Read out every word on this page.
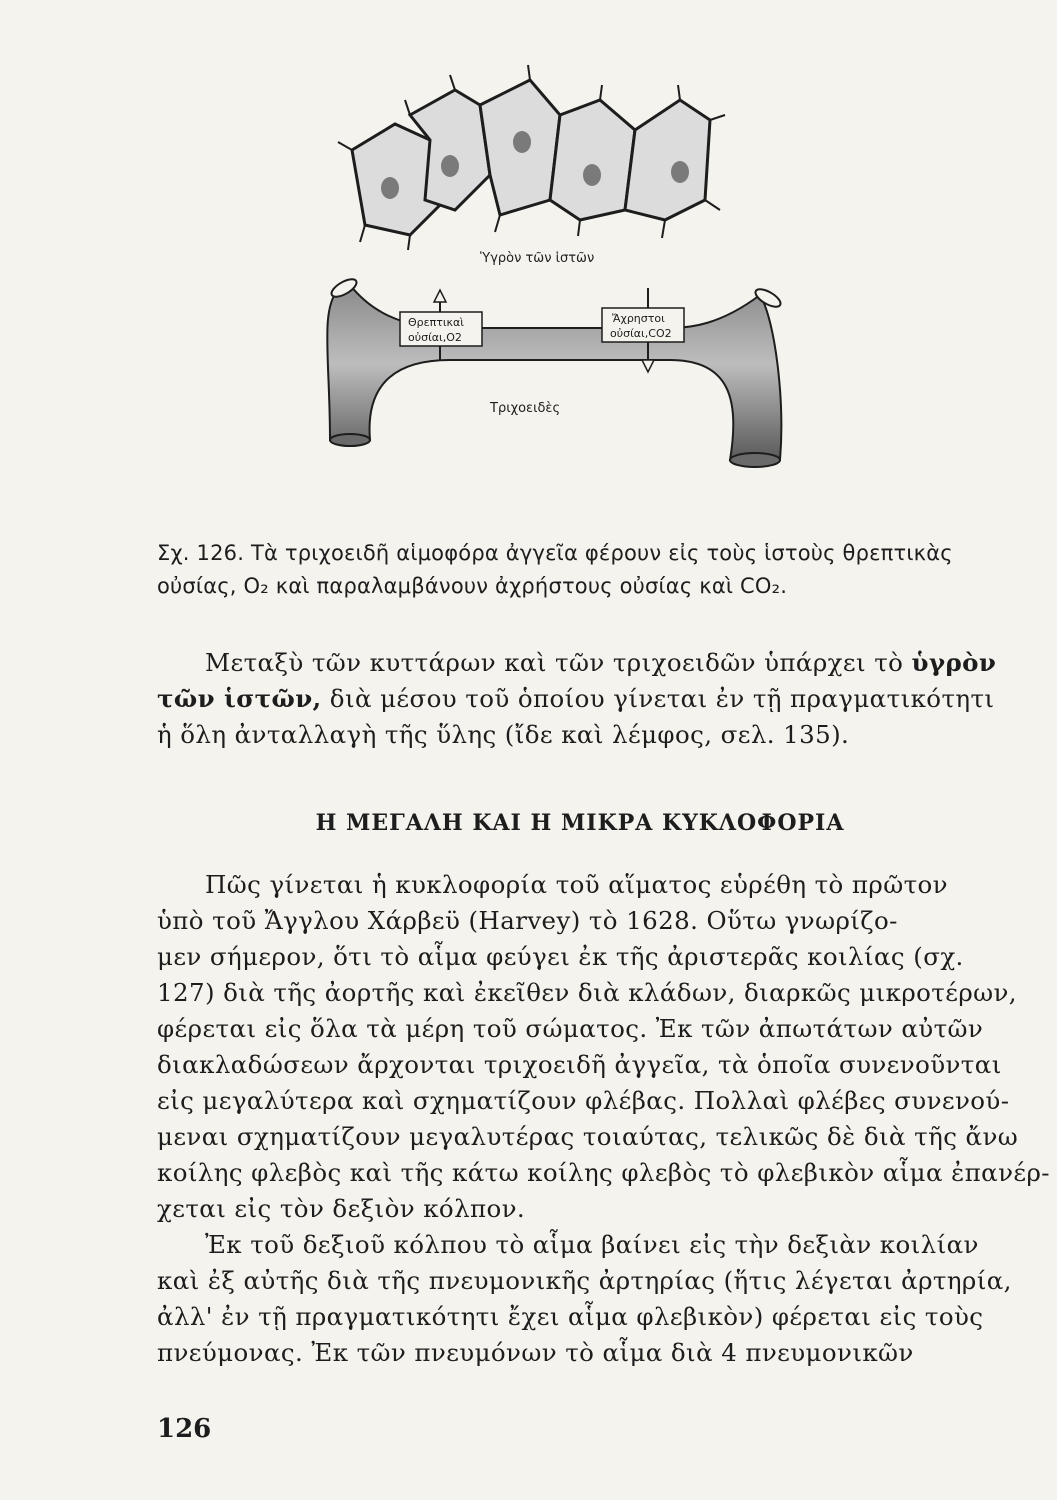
Ὑγρὸν τῶν ἱστῶν
Θρεπτικαὶ
οὐσίαι,O2
Ἄχρηστοι
οὐσίαι,CO2
Τριχοειδὲς
Σχ. 126. Τὰ τριχοειδῆ αἱμοφόρα ἀγγεῖα φέρουν εἰς τοὺς ἱστοὺς θρεπτικὰς
οὐσίας, O₂ καὶ παραλαμβάνουν ἀχρήστους οὐσίας καὶ CO₂.
Μεταξὺ τῶν κυττάρων καὶ τῶν τριχοειδῶν ὑπάρχει τὸ ὑγρὸν
τῶν ἱστῶν, διὰ μέσου τοῦ ὁποίου γίνεται ἐν τῇ πραγματικότητι
ἡ ὅλη ἀνταλλαγὴ τῆς ὕλης (ἴδε καὶ λέμφος, σελ. 135).
Η ΜΕΓΑΛΗ ΚΑΙ Η ΜΙΚΡΑ ΚΥΚΛΟΦΟΡΙΑ
Πῶς γίνεται ἡ κυκλοφορία τοῦ αἵματος εὑρέθη τὸ πρῶτον
ὑπὸ τοῦ Ἄγγλου Χάρβεϋ (Harvey) τὸ 1628. Οὕτω γνωρίζο-
μεν σήμερον, ὅτι τὸ αἷμα φεύγει ἐκ τῆς ἀριστερᾶς κοιλίας (σχ.
127) διὰ τῆς ἀορτῆς καὶ ἐκεῖθεν διὰ κλάδων, διαρκῶς μικροτέρων,
φέρεται εἰς ὅλα τὰ μέρη τοῦ σώματος. Ἐκ τῶν ἀπωτάτων αὐτῶν
διακλαδώσεων ἄρχονται τριχοειδῆ ἀγγεῖα, τὰ ὁποῖα συνενοῦνται
εἰς μεγαλύτερα καὶ σχηματίζουν φλέβας. Πολλαὶ φλέβες συνενού-
μεναι σχηματίζουν μεγαλυτέρας τοιαύτας, τελικῶς δὲ διὰ τῆς ἄνω
κοίλης φλεβὸς καὶ τῆς κάτω κοίλης φλεβὸς τὸ φλεβικὸν αἷμα ἐπανέρ-
χεται εἰς τὸν δεξιὸν κόλπον.
Ἐκ τοῦ δεξιοῦ κόλπου τὸ αἷμα βαίνει εἰς τὴν δεξιὰν κοιλίαν
καὶ ἐξ αὐτῆς διὰ τῆς πνευμονικῆς ἀρτηρίας (ἥτις λέγεται ἀρτηρία,
ἀλλ' ἐν τῇ πραγματικότητι ἔχει αἷμα φλεβικὸν) φέρεται εἰς τοὺς
πνεύμονας. Ἐκ τῶν πνευμόνων τὸ αἷμα διὰ 4 πνευμονικῶν
126
